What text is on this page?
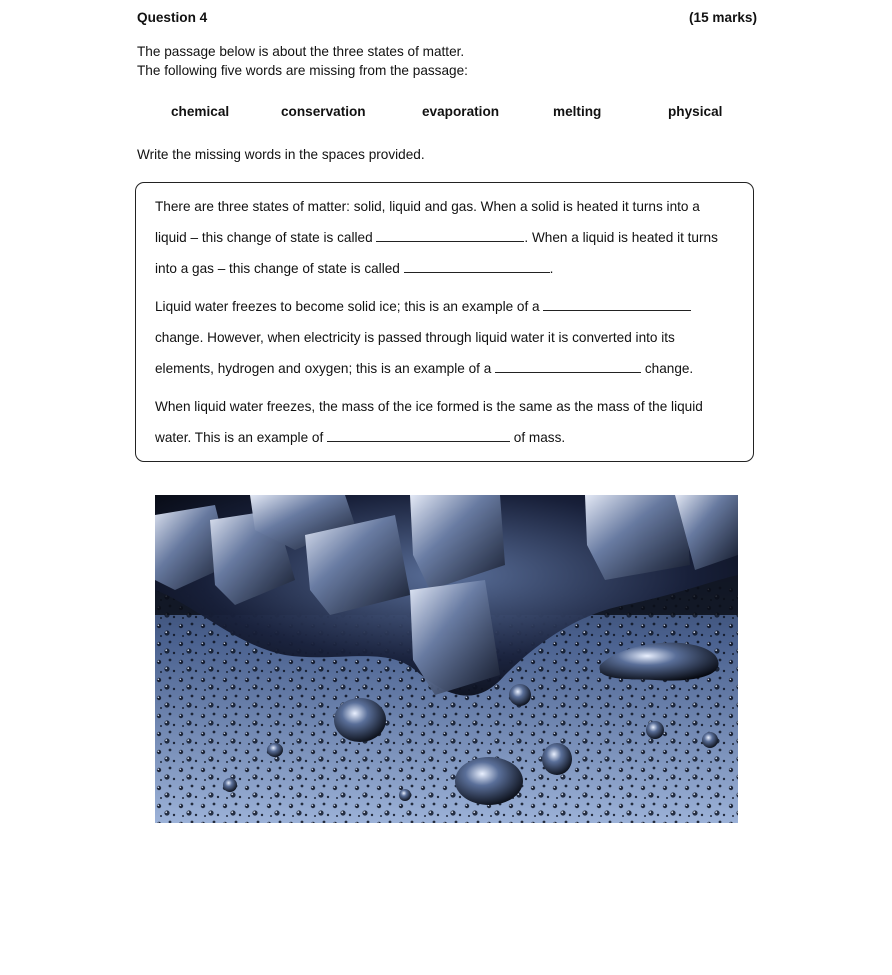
Question 4	(15 marks)
The passage below is about the three states of matter.
The following five words are missing from the passage:
chemical	conservation	evaporation	melting	physical
Write the missing words in the spaces provided.
There are three states of matter: solid, liquid and gas. When a solid is heated it turns into a
liquid – this change of state is called	. When a liquid is heated it turns
into a gas – this change of state is called	.
Liquid water freezes to become solid ice; this is an example of a
change. However, when electricity is passed through liquid water it is converted into its
elements, hydrogen and oxygen; this is an example of a	change.
When liquid water freezes, the mass of the ice formed is the same as the mass of the liquid
water. This is an example of	of mass.
